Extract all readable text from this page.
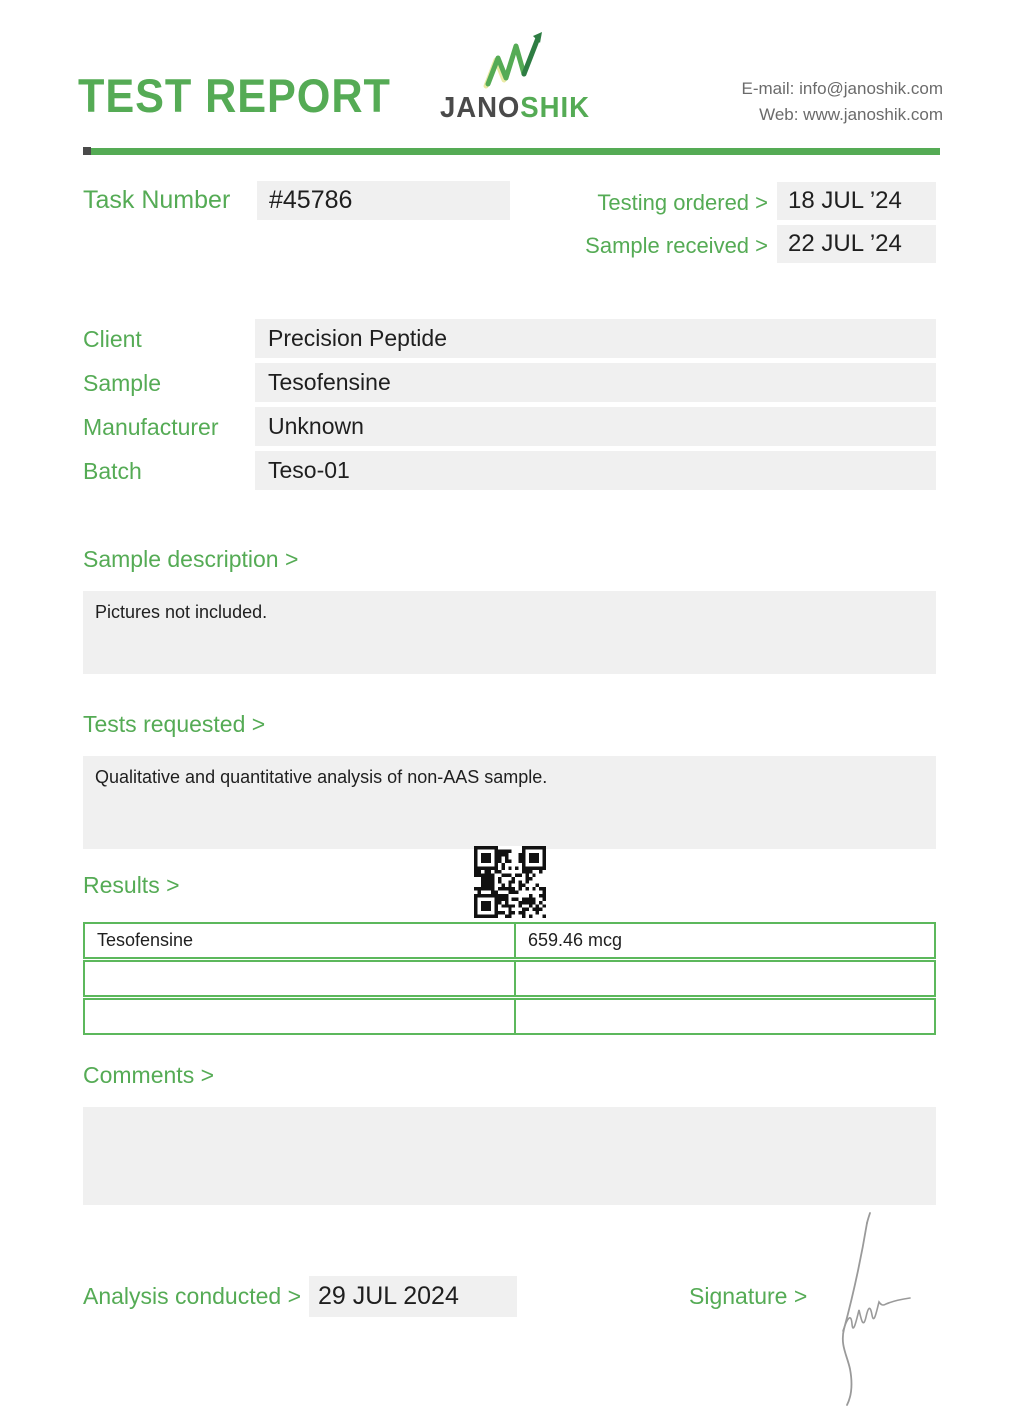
TEST REPORT	JANOSHIK
E-mail: info@janoshik.com
Web: www.janoshik.com
Task Number	#45786	Testing ordered > 18 JUL ’24
Sample received > 22 JUL ’24
Client	Precision Peptide
Sample	Tesofensine
Manufacturer	Unknown
Batch	Teso-01
Sample description >
Pictures not included.
Tests requested >
Qualitative and quantitative analysis of non-AAS sample.
Results >
Tesofensine	659.46 mcg
Comments >
Analysis conducted > 29 JUL 2024	Signature >
